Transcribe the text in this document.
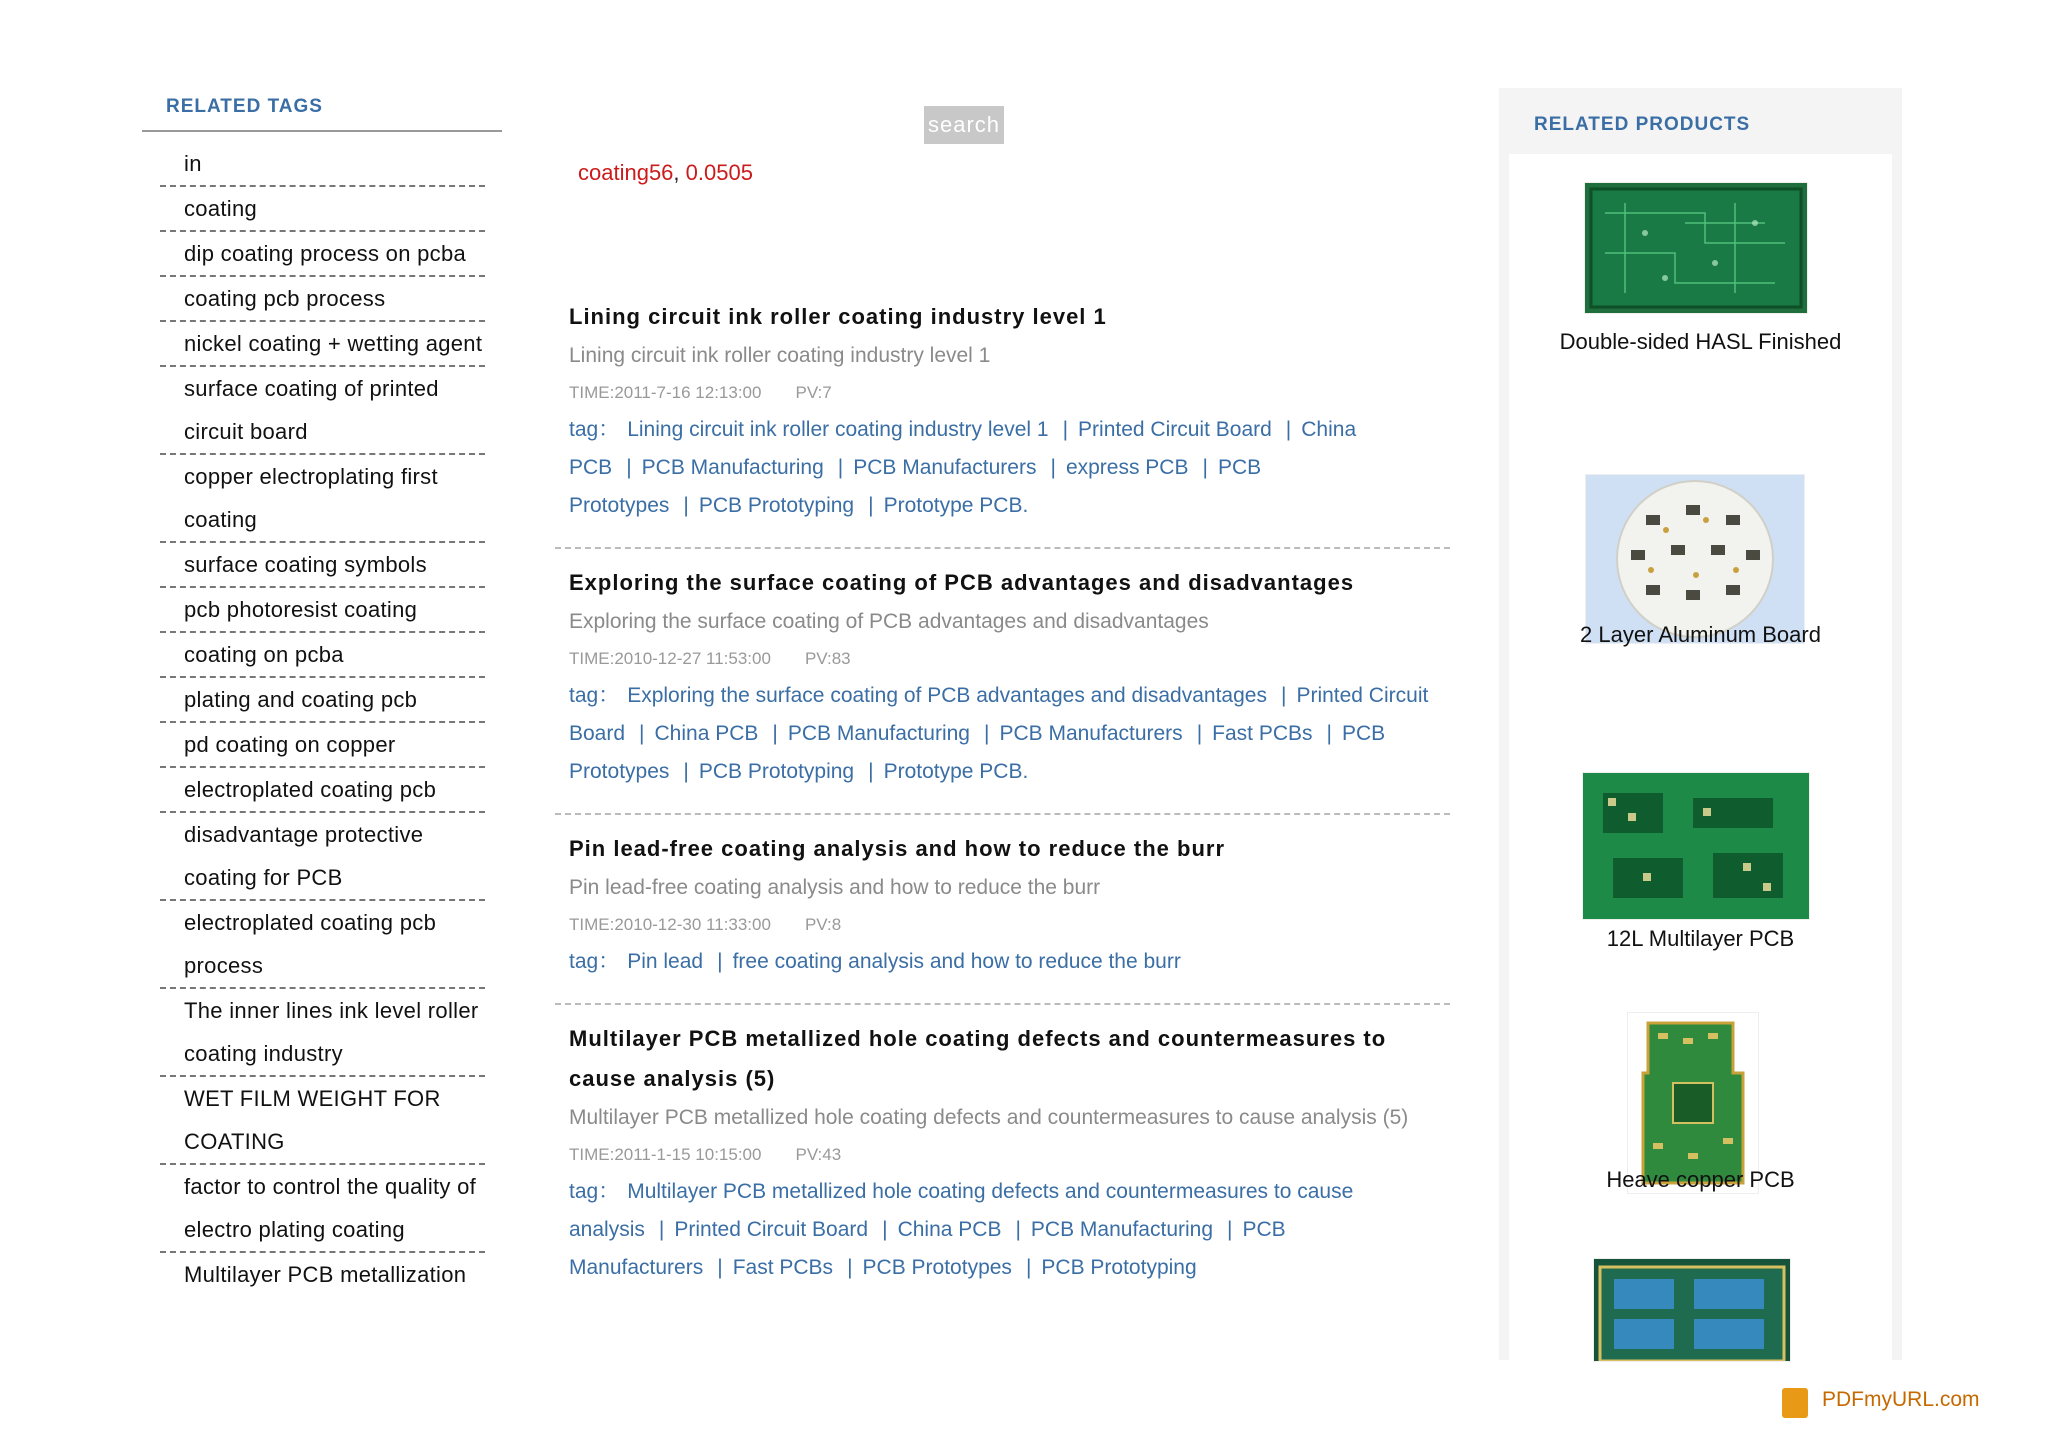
RELATED TAGS
in
coating
dip coating process on pcba
coating pcb process
nickel coating + wetting agent
surface coating of printed circuit board
copper electroplating first coating
surface coating symbols
pcb photoresist coating
coating on pcba
plating and coating pcb
pd coating on copper
electroplated coating pcb
disadvantage protective coating for PCB
electroplated coating pcb process
The inner lines ink level roller coating industry
WET FILM WEIGHT FOR COATING
factor to control the quality of electro plating coating
Multilayer PCB metallization
search
coating56, 0.0505
Lining circuit ink roller coating industry level 1
Lining circuit ink roller coating industry level 1
TIME:2011-7-16 12:13:00 PV:7
tag： Lining circuit ink roller coating industry level 1 | Printed Circuit Board | China PCB | PCB Manufacturing | PCB Manufacturers | express PCB | PCB Prototypes | PCB Prototyping | Prototype PCB.
Exploring the surface coating of PCB advantages and disadvantages
Exploring the surface coating of PCB advantages and disadvantages
TIME:2010-12-27 11:53:00 PV:83
tag： Exploring the surface coating of PCB advantages and disadvantages | Printed Circuit Board | China PCB | PCB Manufacturing | PCB Manufacturers | Fast PCBs | PCB Prototypes | PCB Prototyping | Prototype PCB.
Pin lead-free coating analysis and how to reduce the burr
Pin lead-free coating analysis and how to reduce the burr
TIME:2010-12-30 11:33:00 PV:8
tag： Pin lead | free coating analysis and how to reduce the burr
Multilayer PCB metallized hole coating defects and countermeasures to cause analysis (5)
Multilayer PCB metallized hole coating defects and countermeasures to cause analysis (5)
TIME:2011-1-15 10:15:00 PV:43
tag： Multilayer PCB metallized hole coating defects and countermeasures to cause analysis | Printed Circuit Board | China PCB | PCB Manufacturing | PCB Manufacturers | Fast PCBs | PCB Prototypes | PCB Prototyping
RELATED PRODUCTS
Double-sided HASL Finished
2 Layer Aluminum Board
12L Multilayer PCB
Heave copper PCB
PDFmyURL.com
